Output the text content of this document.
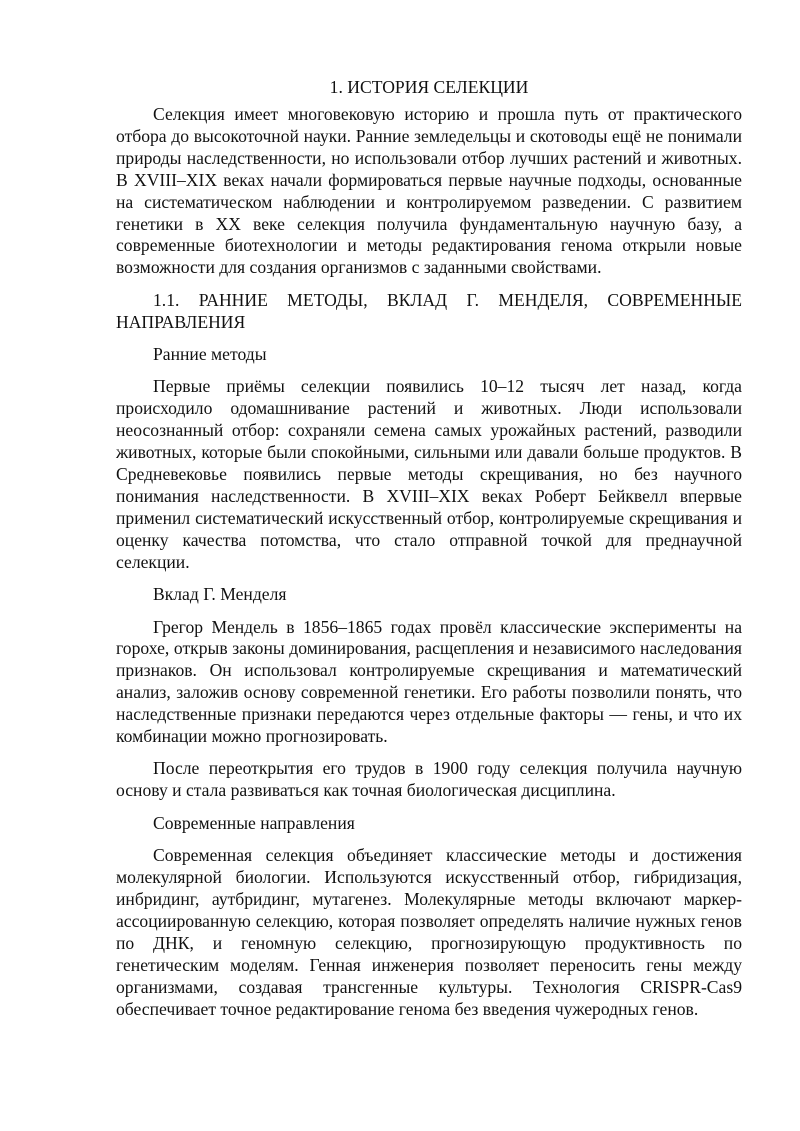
1. ИСТОРИЯ СЕЛЕКЦИИ

Селекция имеет многовековую историю и прошла путь от практического отбора до высокоточной науки. Ранние земледельцы и скотоводы ещё не понимали природы наследственности, но использовали отбор лучших растений и животных. В XVIII–XIX веках начали формироваться первые научные подходы, основанные на систематическом наблюдении и контролируемом разведении. С развитием генетики в XX веке селекция получила фундаментальную научную базу, а современные биотехнологии и методы редактирования генома открыли новые возможности для создания организмов с заданными свойствами.

1.1. РАННИЕ МЕТОДЫ, ВКЛАД Г. МЕНДЕЛЯ, СОВРЕМЕННЫЕ НАПРАВЛЕНИЯ
Ранние методы

Первые приёмы селекции появились 10–12 тысяч лет назад, когда происходило одомашнивание растений и животных. Люди использовали неосознанный отбор: сохраняли семена самых урожайных растений, разводили животных, которые были спокойными, сильными или давали больше продуктов. В Средневековье появились первые методы скрещивания, но без научного понимания наследственности. В XVIII–XIX веках Роберт Бейквелл впервые применил систематический искусственный отбор, контролируемые скрещивания и оценку качества потомства, что стало отправной точкой для преднаучной селекции.

Вклад Г. Менделя

Грегор Мендель в 1856–1865 годах провёл классические эксперименты на горохе, открыв законы доминирования, расщепления и независимого наследования признаков. Он использовал контролируемые скрещивания и математический анализ, заложив основу современной генетики. Его работы позволили понять, что наследственные признаки передаются через отдельные факторы — гены, и что их комбинации можно прогнозировать.

После переоткрытия его трудов в 1900 году селекция получила научную основу и стала развиваться как точная биологическая дисциплина.

Современные направления

Современная селекция объединяет классические методы и достижения молекулярной биологии. Используются искусственный отбор, гибридизация, инбридинг, аутбридинг, мутагенез. Молекулярные методы включают маркер-ассоциированную селекцию, которая позволяет определять наличие нужных генов по ДНК, и геномную селекцию, прогнозирующую продуктивность по генетическим моделям. Генная инженерия позволяет переносить гены между организмами, создавая трансгенные культуры. Технология CRISPR-Cas9 обеспечивает точное редактирование генома без введения чужеродных генов.
